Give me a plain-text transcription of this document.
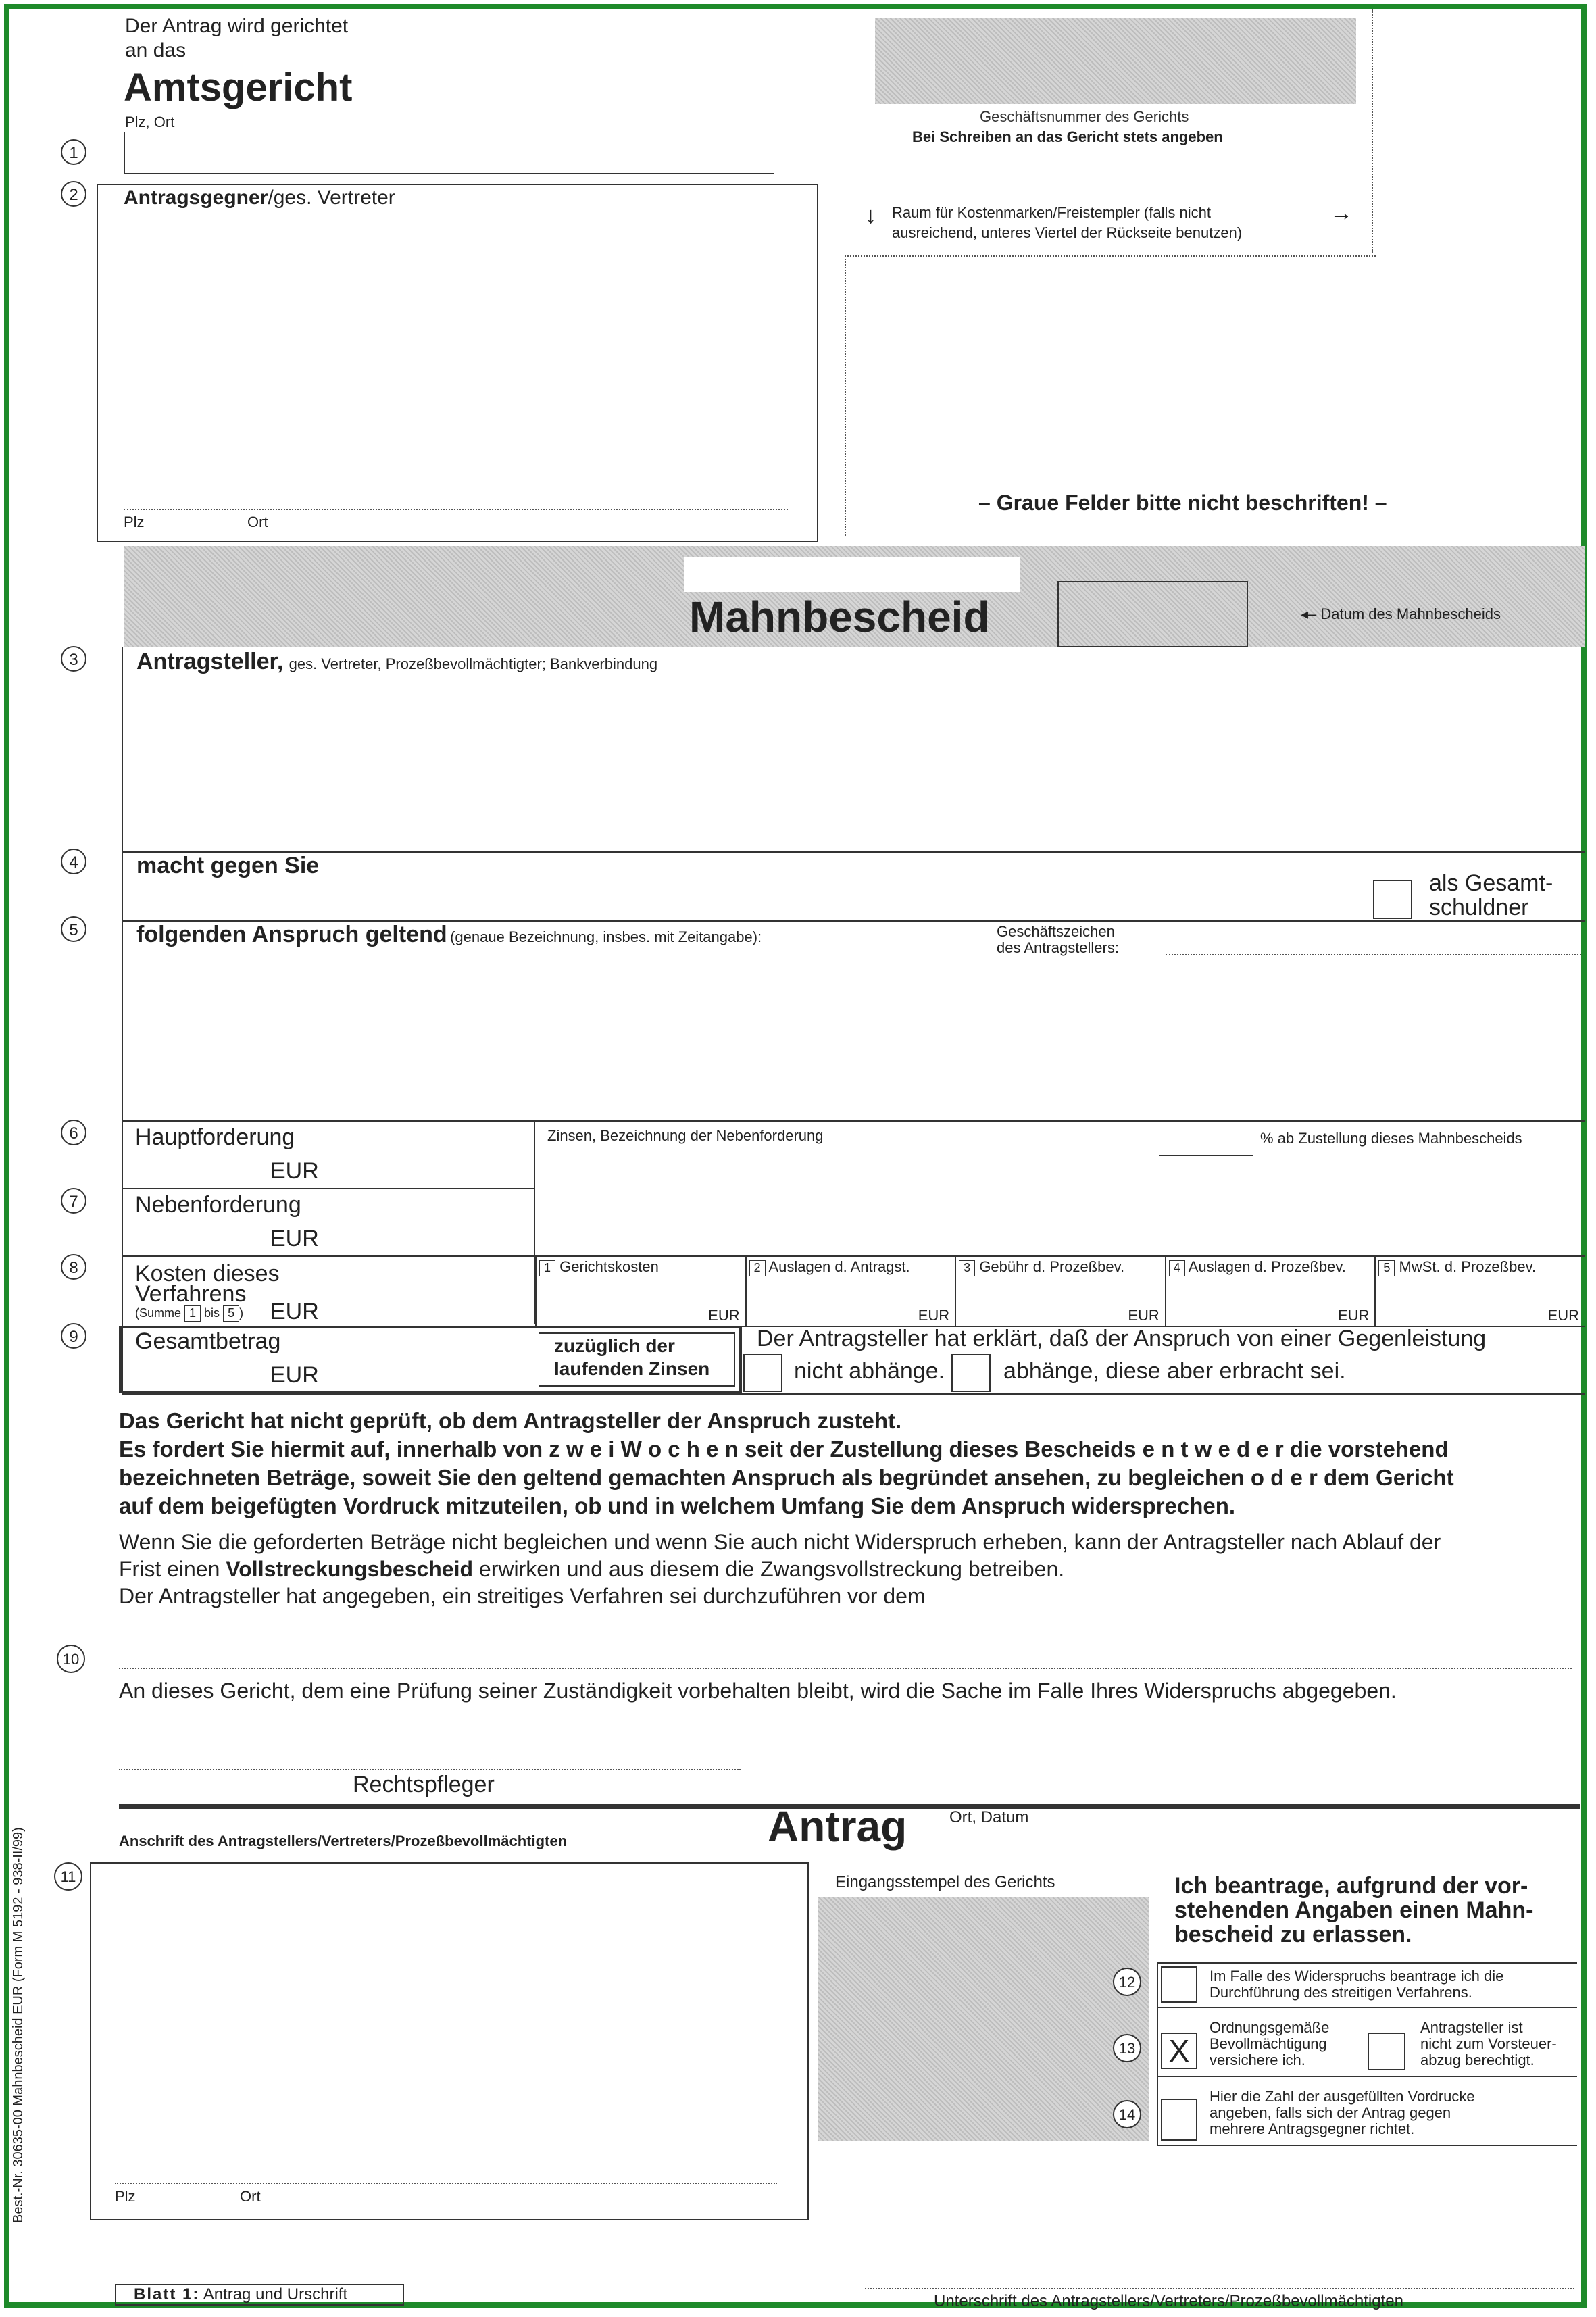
Der Antrag wird gerichtet
an das
Amtsgericht
Plz, Ort
1
Geschäftsnummer des Gerichts
Bei Schreiben an das Gericht stets angeben
Raum für Kostenmarken/Freistempler (falls nicht
ausreichend, unteres Viertel der Rückseite benutzen)
↓	→
– Graue Felder bitte nicht beschriften! –
2	Antragsgegner/ges. Vertreter
Plz	Ort
Mahnbescheid	◂– Datum des Mahnbescheids
3	Antragsteller, ges. Vertreter, Prozeßbevollmächtigter; Bankverbindung
4	macht gegen Sie
als Gesamt-
schuldner
5	folgenden Anspruch geltend (genaue Bezeichnung, insbes. mit Zeitangabe):	Geschäftszeichen
des Antragstellers:
6	Hauptforderung
EUR
Zinsen, Bezeichnung der Nebenforderung	% ab Zustellung dieses Mahnbescheids
7	Nebenforderung
EUR
8	Kosten dieses
Verfahrens
(Summe 1 bis 5 ) EUR
1 Gerichtskosten
EUR
2 Auslagen d. Antragst.
EUR
3 Gebühr d. Prozeßbev.
EUR
4 Auslagen d. Prozeßbev.
EUR
5 MwSt. d. Prozeßbev.
EUR
9	Gesamtbetrag
EUR
zuzüglich der
laufenden Zinsen
Der Antragsteller hat erklärt, daß der Anspruch von einer Gegenleistung
nicht abhänge.	abhänge, diese aber erbracht sei.
Das Gericht hat nicht geprüft, ob dem Antragsteller der Anspruch zusteht.
Es fordert Sie hiermit auf, innerhalb von z w e i W o c h e n seit der Zustellung dieses Bescheids e n t w e d e r die vorstehend
bezeichneten Beträge, soweit Sie den geltend gemachten Anspruch als begründet ansehen, zu begleichen o d e r dem Gericht
auf dem beigefügten Vordruck mitzuteilen, ob und in welchem Umfang Sie dem Anspruch widersprechen.
Wenn Sie die geforderten Beträge nicht begleichen und wenn Sie auch nicht Widerspruch erheben, kann der Antragsteller nach Ablauf der
Frist einen Vollstreckungsbescheid erwirken und aus diesem die Zwangsvollstreckung betreiben.
Der Antragsteller hat angegeben, ein streitiges Verfahren sei durchzuführen vor dem
10
An dieses Gericht, dem eine Prüfung seiner Zuständigkeit vorbehalten bleibt, wird die Sache im Falle Ihres Widerspruchs abgegeben.
Rechtspfleger
Anschrift des Antragstellers/Vertreters/Prozeßbevollmächtigten	Antrag	Ort, Datum
11
Plz	Ort
Eingangsstempel des Gerichts
12
13
14
Ich beantrage, aufgrund der vor-
stehenden Angaben einen Mahn-
bescheid zu erlassen.
Im Falle des Widerspruchs beantrage ich die
Durchführung des streitigen Verfahrens.
X
Ordnungsgemäße
Bevollmächtigung
versichere ich.
Antragsteller ist
nicht zum Vorsteuer-
abzug berechtigt.
Hier die Zahl der ausgefüllten Vordrucke
angeben, falls sich der Antrag gegen
mehrere Antragsgegner richtet.
Blatt 1: Antrag und Urschrift	Unterschrift des Antragstellers/Vertreters/Prozeßbevollmächtigten
Best.-Nr. 30635-00 Mahnbescheid EUR (Form M 5192 - 938-II/99)
